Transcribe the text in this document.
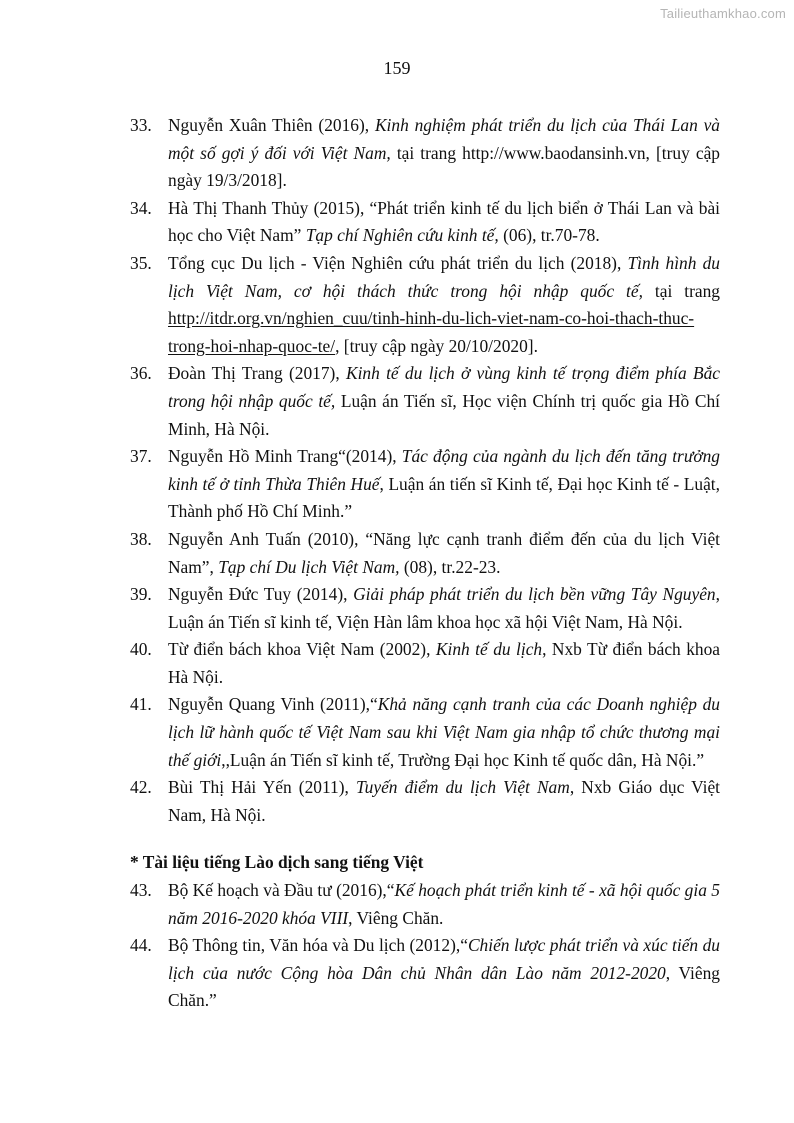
Tailieuthamkhao.com
159
33. Nguyễn Xuân Thiên (2016), Kinh nghiệm phát triển du lịch của Thái Lan và một số gợi ý đối với Việt Nam, tại trang http://www.baodansinh.vn, [truy cập ngày 19/3/2018].
34. Hà Thị Thanh Thủy (2015), “Phát triển kinh tế du lịch biển ở Thái Lan và bài học cho Việt Nam” Tạp chí Nghiên cứu kinh tế, (06), tr.70-78.
35. Tổng cục Du lịch - Viện Nghiên cứu phát triển du lịch (2018), Tình hình du lịch Việt Nam, cơ hội thách thức trong hội nhập quốc tế, tại trang http://itdr.org.vn/nghien_cuu/tinh-hinh-du-lich-viet-nam-co-hoi-thach-thuc-trong-hoi-nhap-quoc-te/, [truy cập ngày 20/10/2020].
36. Đoàn Thị Trang (2017), Kinh tế du lịch ở vùng kinh tế trọng điểm phía Bắc trong hội nhập quốc tế, Luận án Tiến sĩ, Học viện Chính trị quốc gia Hồ Chí Minh, Hà Nội.
37. Nguyễn Hồ Minh Trang“(2014), Tác động của ngành du lịch đến tăng trưởng kinh tế ở tỉnh Thừa Thiên Huế, Luận án tiến sĩ Kinh tế, Đại học Kinh tế - Luật, Thành phố Hồ Chí Minh.”
38. Nguyễn Anh Tuấn (2010), “Năng lực cạnh tranh điểm đến của du lịch Việt Nam”, Tạp chí Du lịch Việt Nam, (08), tr.22-23.
39. Nguyễn Đức Tuy (2014), Giải pháp phát triển du lịch bền vững Tây Nguyên, Luận án Tiến sĩ kinh tế, Viện Hàn lâm khoa học xã hội Việt Nam, Hà Nội.
40. Từ điển bách khoa Việt Nam (2002), Kinh tế du lịch, Nxb Từ điển bách khoa Hà Nội.
41. Nguyễn Quang Vinh (2011),“Khả năng cạnh tranh của các Doanh nghiệp du lịch lữ hành quốc tế Việt Nam sau khi Việt Nam gia nhập tổ chức thương mại thế giới,,Luận án Tiến sĩ kinh tế, Trường Đại học Kinh tế quốc dân, Hà Nội.”
42. Bùi Thị Hải Yến (2011), Tuyến điểm du lịch Việt Nam, Nxb Giáo dục Việt Nam, Hà Nội.
* Tài liệu tiếng Lào dịch sang tiếng Việt
43. Bộ Kế hoạch và Đầu tư (2016),“Kế hoạch phát triển kinh tế - xã hội quốc gia 5 năm 2016-2020 khóa VIII, Viêng Chăn.
44. Bộ Thông tin, Văn hóa và Du lịch (2012),“Chiến lược phát triển và xúc tiến du lịch của nước Cộng hòa Dân chủ Nhân dân Lào năm 2012-2020, Viêng Chăn.”
